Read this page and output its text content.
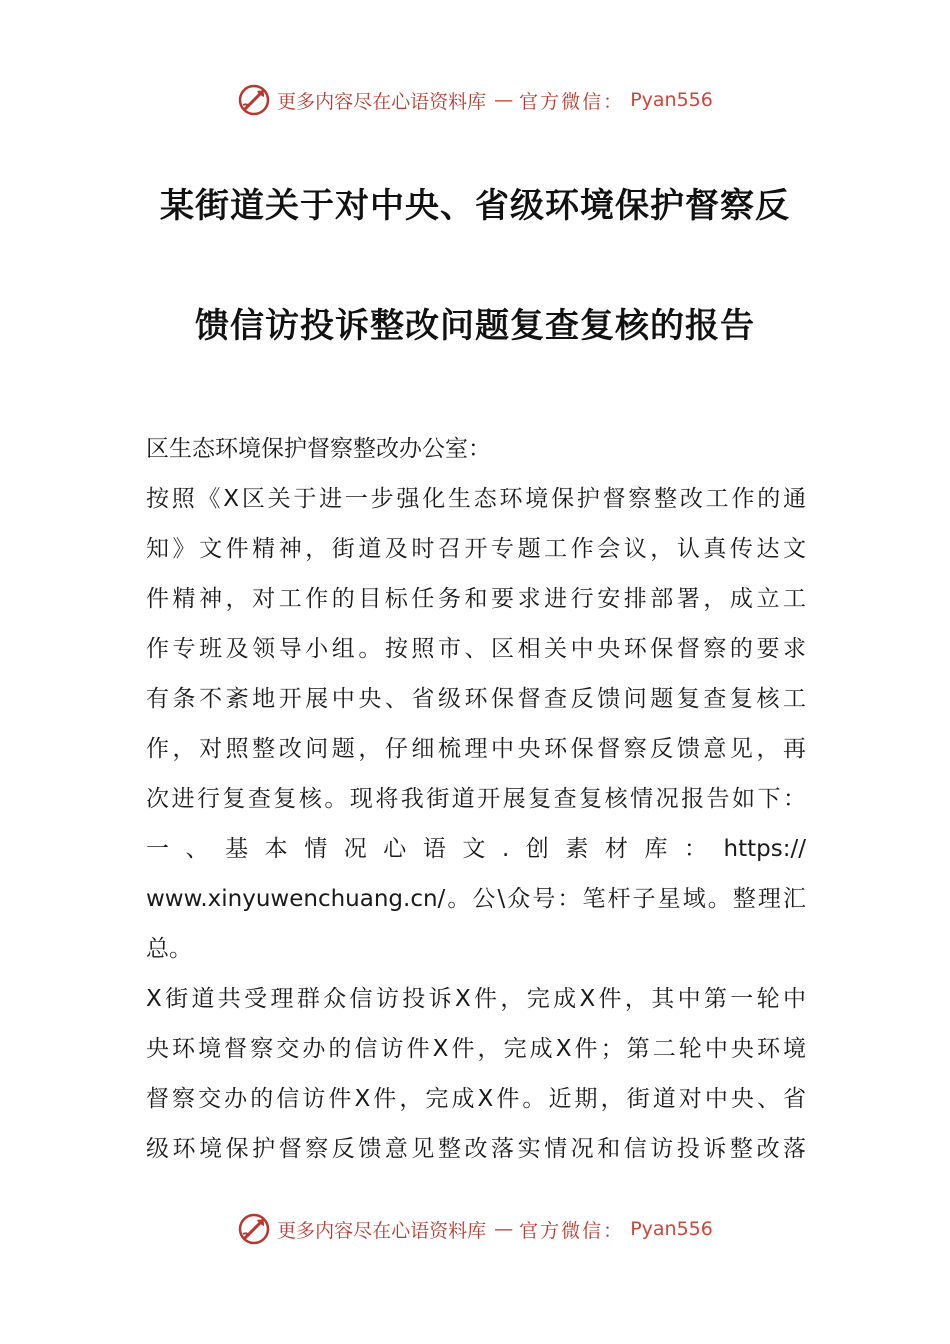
更多内容尽在心语资料库 — 官方微信： Pyan556
某街道关于对中央、省级环境保护督察反
馈信访投诉整改问题复查复核的报告
区生态环境保护督察整改办公室：
按照《X区关于进一步强化生态环境保护督察整改工作的通
知》文件精神，街道及时召开专题工作会议，认真传达文
件精神，对工作的目标任务和要求进行安排部署，成立工
作专班及领导小组。按照市、区相关中央环保督察的要求
有条不紊地开展中央、省级环保督查反馈问题复查复核工
作，对照整改问题，仔细梳理中央环保督察反馈意见，再
次进行复查复核。现将我街道开展复查复核情况报告如下：
一、基本情况心语文.创素材库：https://
www.xinyuwenchuang.cn/。公\众号：笔杆子星域。整理汇
总。
X街道共受理群众信访投诉X件，完成X件，其中第一轮中
央环境督察交办的信访件X件，完成X件；第二轮中央环境
督察交办的信访件X件，完成X件。近期，街道对中央、省
级环境保护督察反馈意见整改落实情况和信访投诉整改落
更多内容尽在心语资料库 — 官方微信： Pyan556
